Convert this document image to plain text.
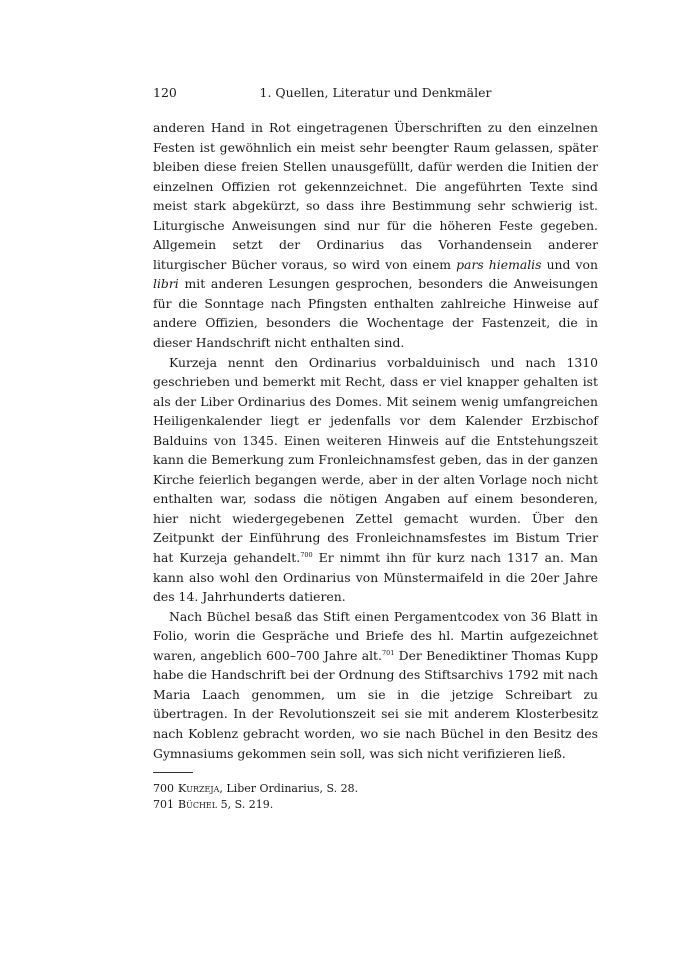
120	1. Quellen, Literatur und Denkmäler

anderen Hand in Rot eingetragenen Überschriften zu den einzelnen Festen ist gewöhnlich ein meist sehr beengter Raum gelassen, später bleiben diese freien Stellen unausgefüllt, dafür werden die Initien der einzelnen Offizien rot gekennzeichnet. Die angeführten Texte sind meist stark abgekürzt, so dass ihre Bestimmung sehr schwierig ist. Liturgische Anweisungen sind nur für die höheren Feste gegeben. Allgemein setzt der Ordinarius das Vorhandensein anderer liturgischer Bücher voraus, so wird von einem pars hiemalis und von libri mit anderen Lesungen gesprochen, besonders die Anweisungen für die Sonntage nach Pfingsten enthalten zahlreiche Hinweise auf andere Offizien, besonders die Wochentage der Fastenzeit, die in dieser Handschrift nicht enthalten sind.

Kurzeja nennt den Ordinarius vorbalduinisch und nach 1310 geschrieben und bemerkt mit Recht, dass er viel knapper gehalten ist als der Liber Ordinarius des Domes. Mit seinem wenig umfangreichen Heiligenkalender liegt er jedenfalls vor dem Kalender Erzbischof Balduins von 1345. Einen weiteren Hinweis auf die Entstehungszeit kann die Bemerkung zum Fronleichnamsfest geben, das in der ganzen Kirche feierlich begangen werde, aber in der alten Vorlage noch nicht enthalten war, sodass die nötigen Angaben auf einem besonderen, hier nicht wiedergegebenen Zettel gemacht wurden. Über den Zeitpunkt der Einführung des Fronleichnamsfestes im Bistum Trier hat Kurzeja gehandelt.$^{700}$ Er nimmt ihn für kurz nach 1317 an. Man kann also wohl den Ordinarius von Münstermaifeld in die 20er Jahre des 14. Jahrhunderts datieren.

Nach Büchel besaß das Stift einen Pergamentcodex von 36 Blatt in Folio, worin die Gespräche und Briefe des hl. Martin aufgezeichnet waren, angeblich 600–700 Jahre alt.$^{701}$ Der Benediktiner Thomas Kupp habe die Handschrift bei der Ordnung des Stiftsarchivs 1792 mit nach Maria Laach genommen, um sie in die jetzige Schreibart zu übertragen. In der Revolutionszeit sei sie mit anderem Klosterbesitz nach Koblenz gebracht worden, wo sie nach Büchel in den Besitz des Gymnasiums gekommen sein soll, was sich nicht verifizieren ließ.

700 Kurzeja, Liber Ordinarius, S. 28.
701 Büchel 5, S. 219.
